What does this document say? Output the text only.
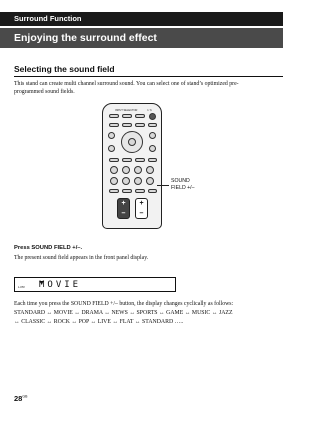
Surround Function
Enjoying the surround effect
Selecting the sound field
This stand can create multi channel surround sound. You can select one of stand’s optimized pre-
programmed sound fields.
INPUT SELECTOR	I / ⏻
+
–
+
–
SOUND
FIELD +/–
Press SOUND FIELD +/–.
The present sound field appears in the front panel display.
L.PR MOVIE
Each time you press the SOUND FIELD +/– button, the display changes cyclically as follows:
STANDARD ↔ MOVIE ↔ DRAMA ↔ NEWS ↔ SPORTS ↔ GAME ↔ MUSIC ↔ JAZZ
↔ CLASSIC ↔ ROCK ↔ POP ↔ LIVE ↔ FLAT ↔ STANDARD …..
$28^{GB}$
